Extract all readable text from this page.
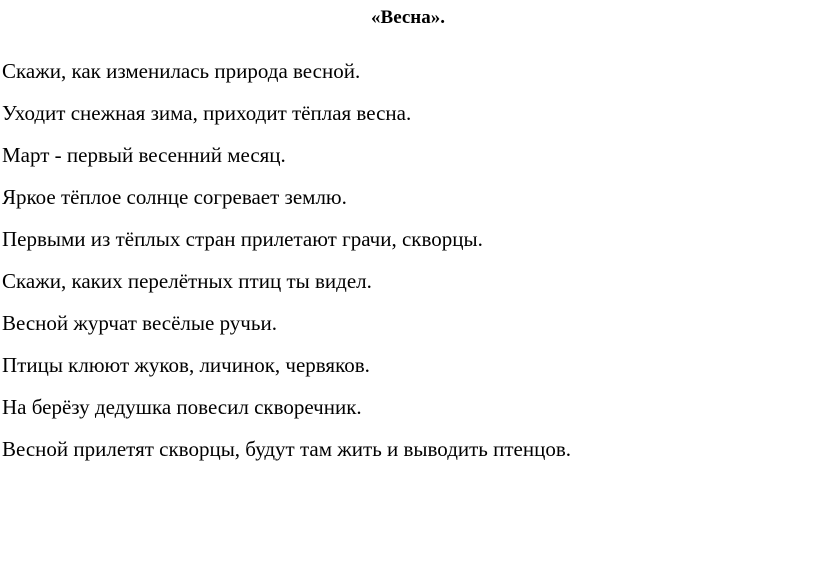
«Весна».
Скажи, как изменилась природа весной.
Уходит снежная зима, приходит тёплая весна.
Март - первый весенний месяц.
Яркое тёплое солнце согревает землю.
Первыми из тёплых стран прилетают грачи, скворцы.
Скажи, каких перелётных птиц ты видел.
Весной журчат весёлые ручьи.
Птицы клюют жуков, личинок, червяков.
На берёзу дедушка повесил скворечник.
Весной прилетят скворцы, будут там жить и выводить птенцов.
